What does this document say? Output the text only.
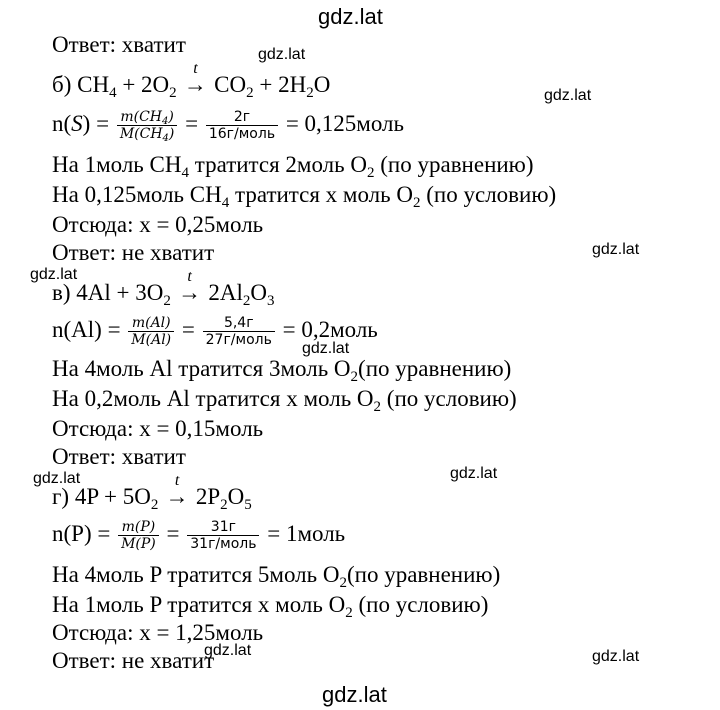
gdz.lat
gdz.lat
gdz.lat
gdz.lat
gdz.lat
gdz.lat
gdz.lat	gdz.lat
gdz.lat	gdz.lat
gdz.lat
Ответ: хватит
б) $CH_4 + 2O_2$
t
→ $CO_2 + 2H_2O$
$n(S) = \frac{m(CH_4)}{M(CH_4)} = \frac{2г}{\text{16г/моль}}$ = 0,125моль
На 1моль $CH_4$ тратится 2моль $O_2$ (по уравнению)
На 0,125моль $CH_4$ тратится x моль $O_2$ (по условию)
Отсюда: x = 0,25моль
Ответ: не хватит
в) $4Al + 3O_2$
t
→ $2Al_2O_3$
$n(Al) = \frac{m(Al)}{M(Al)} = \frac{5,4г}{\text{27г/моль}}$ = 0,2моль
На 4моль Al тратится 3моль $O_2(по$ уравнению)
На 0,2моль Al тратится x моль $O_2$ (по условию)
Отсюда: x = 0,15моль
Ответ: хватит
г) $4P + 5O_2$
t
→ $2P_2O_5$
$n(P) = \frac{m(P)}{M(P)} = \frac{31г}{\text{31г/моль}}$ = 1моль
На 4моль P тратится 5моль $O_2(по$ уравнению)
На 1моль P тратится x моль $O_2$ (по условию)
Отсюда: x = 1,25моль
Ответ: не хватит
